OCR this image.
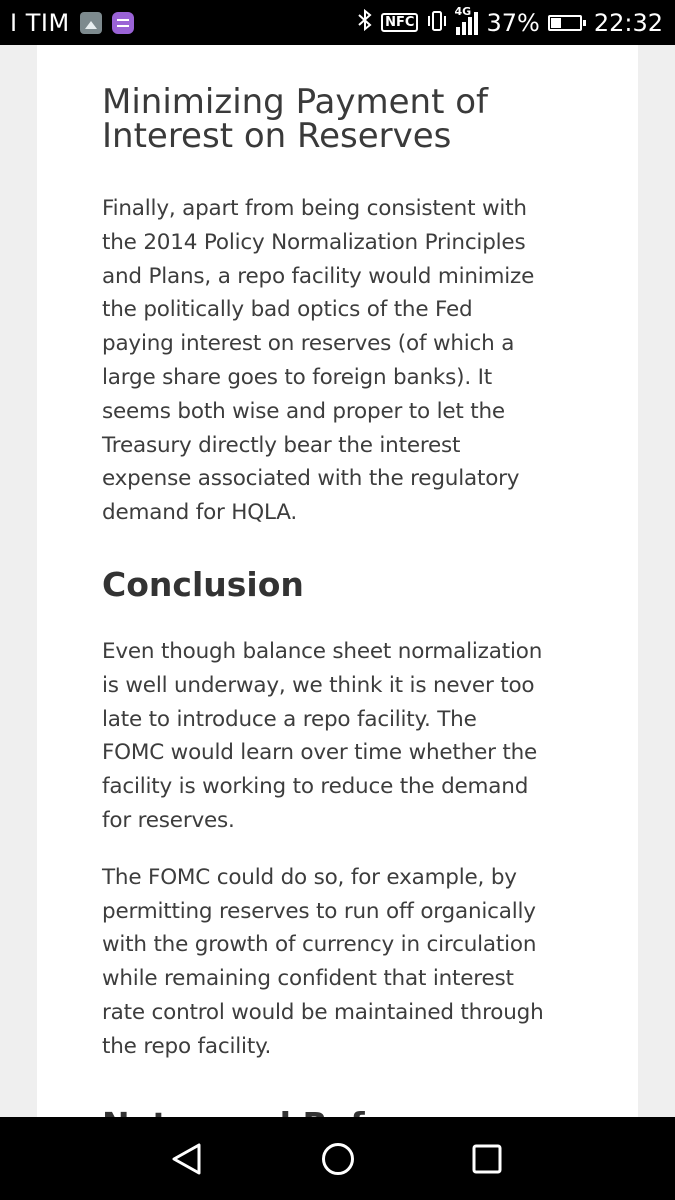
I TIM	NFC
4G 37% 22:32
Minimizing Payment of
Interest on Reserves

Finally, apart from being consistent with
the 2014 Policy Normalization Principles
and Plans, a repo facility would minimize
the politically bad optics of the Fed
paying interest on reserves (of which a
large share goes to foreign banks). It
seems both wise and proper to let the
Treasury directly bear the interest
expense associated with the regulatory
demand for HQLA.

Conclusion

Even though balance sheet normalization
is well underway, we think it is never too
late to introduce a repo facility. The
FOMC would learn over time whether the
facility is working to reduce the demand
for reserves.

The FOMC could do so, for example, by
permitting reserves to run off organically
with the growth of currency in circulation
while remaining confident that interest
rate control would be maintained through
the repo facility.
